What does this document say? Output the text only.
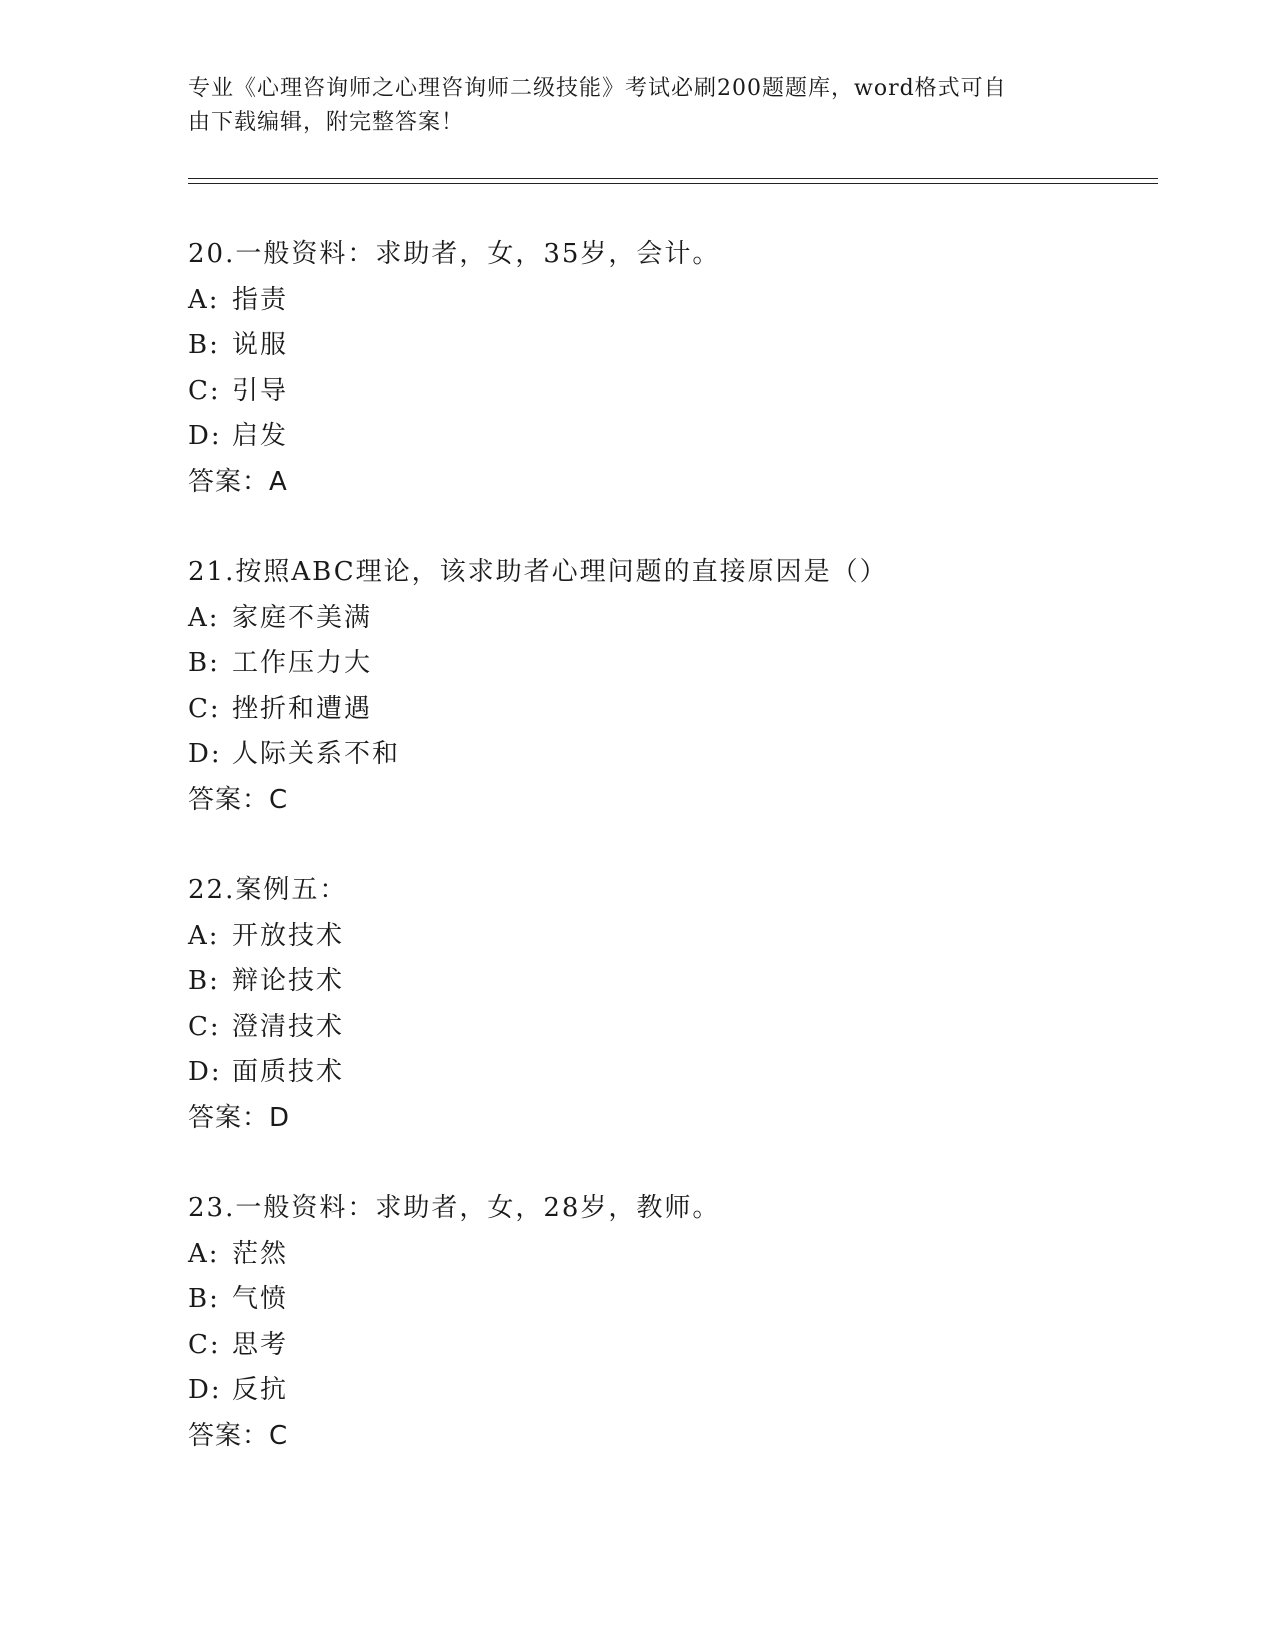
专业《心理咨询师之心理咨询师二级技能》考试必刷200题题库，word格式可自
由下载编辑，附完整答案！
20.一般资料：求助者，女，35岁，会计。
A: 指责
B: 说服
C: 引导
D: 启发
答案：A
21.按照ABC理论，该求助者心理问题的直接原因是（）
A: 家庭不美满
B: 工作压力大
C: 挫折和遭遇
D: 人际关系不和
答案：C
22.案例五：
A: 开放技术
B: 辩论技术
C: 澄清技术
D: 面质技术
答案：D
23.一般资料：求助者，女，28岁，教师。
A: 茫然
B: 气愤
C: 思考
D: 反抗
答案：C
